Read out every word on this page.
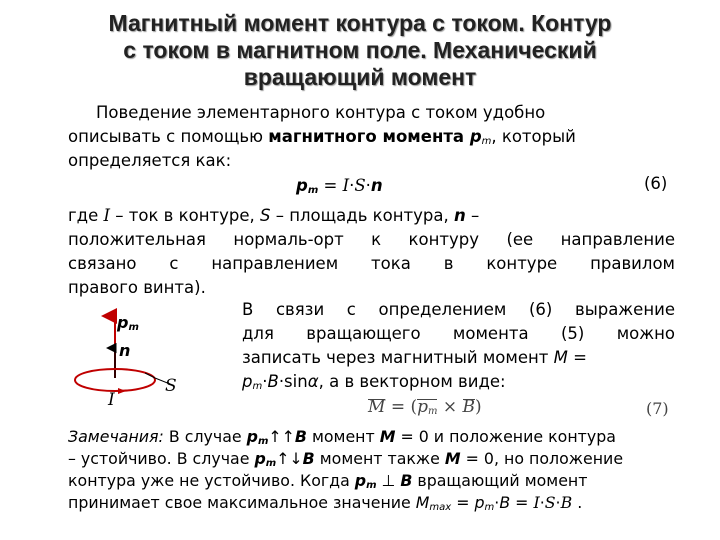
Магнитный момент контура с током. Контур
с током в магнитном поле. Механический
вращающий момент
Поведение элементарного контура с током удобно
описывать с помощью магнитного момента $p_m$, который
определяется как:
$p_m = I\cdot S\cdot n$	(6)
где I – ток в контуре, S – площадь контура, n –
положительная нормаль-орт к контуру (ее направление
связано с направлением тока в контуре правилом
правого винта).
$p_m$
n
S
I
В связи с определением (6) выражение
для вращающего момента (5) можно
записать через магнитный момент M =
$p_m\cdot B\cdot\sin\alpha$, а в векторном виде:
M
= ($p_m$
× B
)	(7)
Замечания: В случае $p_m↑↑B$ момент M = 0 и положение контура
– устойчиво. В случае $p_m↑↓B$ момент также M = 0, но положение
контура уже не устойчиво. Когда $p_m$ ⊥ B вращающий момент
принимает свое максимальное значение $M_{max} = p_m\cdot B = I\cdot S\cdot B$ .
